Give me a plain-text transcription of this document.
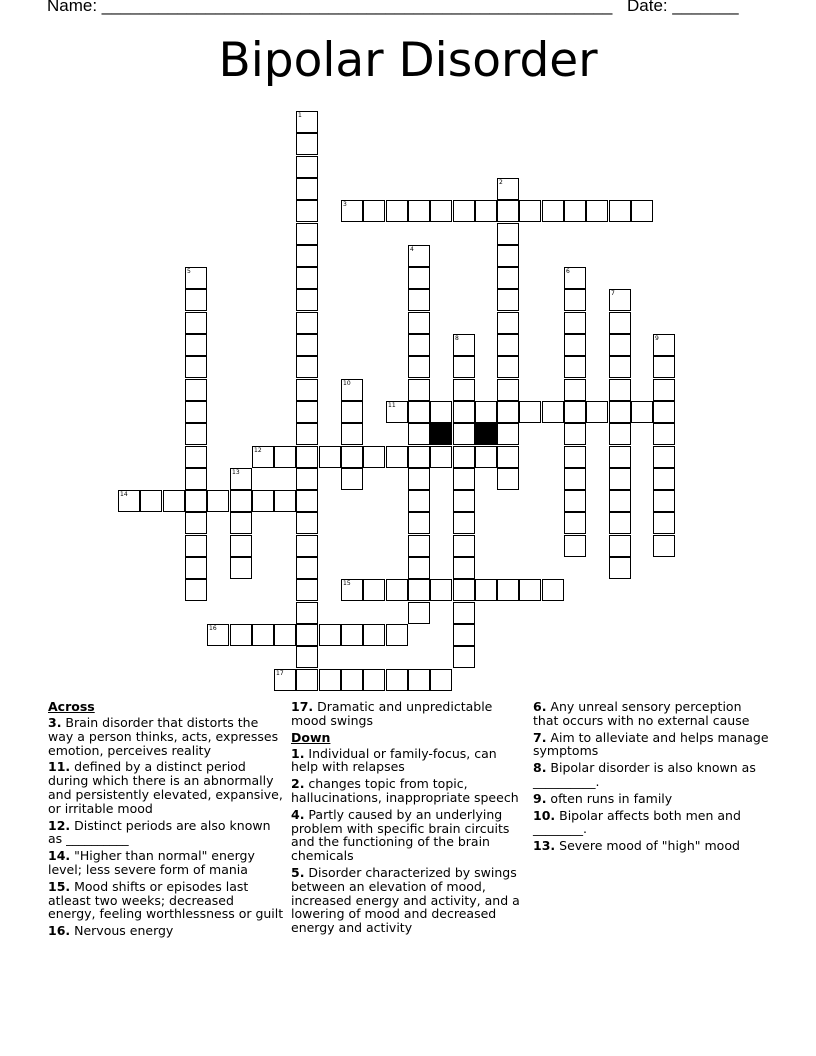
Name: ______________________________________________________ Date: _______
Bipolar Disorder
1
2
3
4
5	6
7
8	9
10
11
12
13
14
15
16
17
Across
3. Brain disorder that distorts the way a person thinks, acts, expresses emotion, perceives reality
11. defined by a distinct period during which there is an abnormally and persistently elevated, expansive, or irritable mood
12. Distinct periods are also known as __________
14. "Higher than normal" energy level; less severe form of mania
15. Mood shifts or episodes last atleast two weeks; decreased energy, feeling worthlessness or guilt
16. Nervous energy
17. Dramatic and unpredictable mood swings
Down
1. Individual or family-focus, can help with relapses
2. changes topic from topic, hallucinations, inappropriate speech
4. Partly caused by an underlying problem with specific brain circuits and the functioning of the brain chemicals
5. Disorder characterized by swings between an elevation of mood, increased energy and activity, and a lowering of mood and decreased energy and activity
6. Any unreal sensory perception that occurs with no external cause
7. Aim to alleviate and helps manage symptoms
8. Bipolar disorder is also known as __________.
9. often runs in family
10. Bipolar affects both men and ________.
13. Severe mood of "high" mood
